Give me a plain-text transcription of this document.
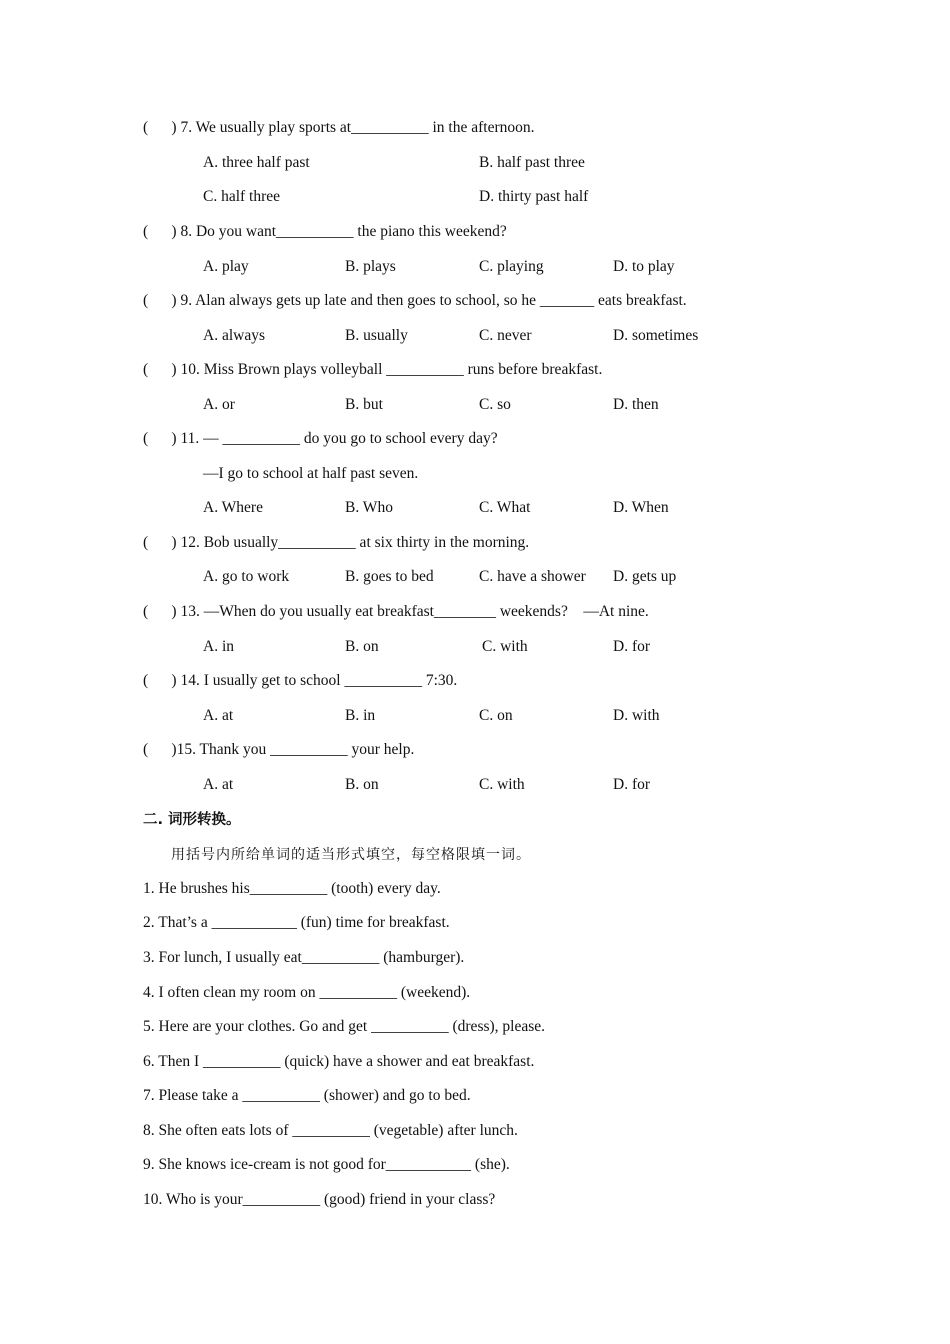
(      ) 7. We usually play sports at__________ in the afternoon.
A. three half past	B. half past three
C. half three	D. thirty past half
(      ) 8. Do you want__________ the piano this weekend?
A. play	B. plays	C. playing	D. to play
(      ) 9. Alan always gets up late and then goes to school, so he _______ eats breakfast.
A. always	B. usually	C. never	D. sometimes
(      ) 10. Miss Brown plays volleyball __________ runs before breakfast.
A. or	B. but	C. so	D. then
(      ) 11. — __________ do you go to school every day?
—I go to school at half past seven.
A. Where	B. Who	C. What	D. When
(      ) 12. Bob usually__________ at six thirty in the morning.
A. go to work	B. goes to bed	C. have a shower D. gets up
(      ) 13. —When do you usually eat breakfast________ weekends?    —At nine.
A. in	B. on	C. with	D. for
(      ) 14. I usually get to school __________ 7:30.
A. at	B. in	C. on	D. with
(      )15. Thank you __________ your help.
A. at	B. on	C. with	D. for
二. 词形转换。
用括号内所给单词的适当形式填空，每空格限填一词。
1. He brushes his__________ (tooth) every day.
2. That’s a ___________ (fun) time for breakfast.
3. For lunch, I usually eat__________ (hamburger).
4. I often clean my room on __________ (weekend).
5. Here are your clothes. Go and get __________ (dress), please.
6. Then I __________ (quick) have a shower and eat breakfast.
7. Please take a __________ (shower) and go to bed.
8. She often eats lots of __________ (vegetable) after lunch.
9. She knows ice-cream is not good for___________ (she).
10. Who is your__________ (good) friend in your class?
